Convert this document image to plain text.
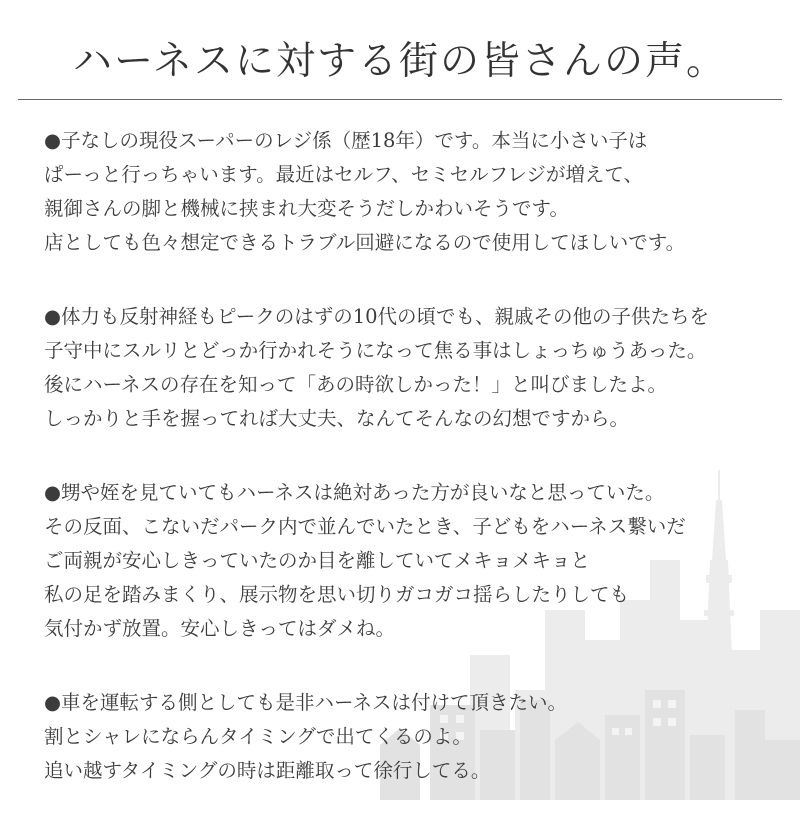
ハーネスに対する街の皆さんの声。
●子なしの現役スーパーのレジ係（歴18年）です。本当に小さい子は
ぱーっと行っちゃいます。最近はセルフ、セミセルフレジが増えて、
親御さんの脚と機械に挟まれ大変そうだしかわいそうです。
店としても色々想定できるトラブル回避になるので使用してほしいです。
●体力も反射神経もピークのはずの10代の頃でも、親戚その他の子供たちを
子守中にスルリとどっか行かれそうになって焦る事はしょっちゅうあった。
後にハーネスの存在を知って「あの時欲しかった！」と叫びましたよ。
しっかりと手を握ってれば大丈夫、なんてそんなの幻想ですから。
●甥や姪を見ていてもハーネスは絶対あった方が良いなと思っていた。
その反面、こないだパーク内で並んでいたとき、子どもをハーネス繋いだ
ご両親が安心しきっていたのか目を離していてメキョメキョと
私の足を踏みまくり、展示物を思い切りガコガコ揺らしたりしても
気付かず放置。安心しきってはダメね。
●車を運転する側としても是非ハーネスは付けて頂きたい。
割とシャレにならんタイミングで出てくるのよ。
追い越すタイミングの時は距離取って徐行してる。
